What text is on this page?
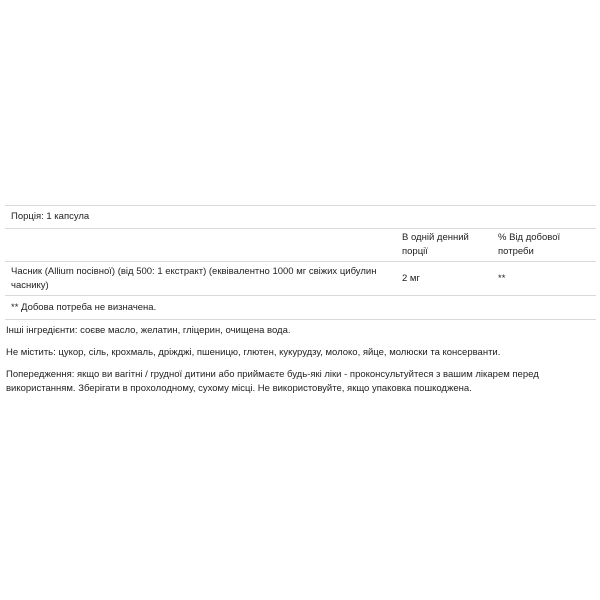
Порція: 1 капсула
В одній денний порції
% Від добової потреби
Часник (Allium посівної) (від 500: 1 екстракт) (еквівалентно 1000 мг свіжих цибулин часнику)
2 мг	**
** Добова потреба не визначена.
Інші інгредієнти: соєве масло, желатин, гліцерин, очищена вода.
Не містить: цукор, сіль, крохмаль, дріжджі, пшеницю, глютен, кукурудзу, молоко, яйце, молюски та консерванти.
Попередження: якщо ви вагітні / грудної дитини або приймаєте будь-які ліки - проконсультуйтеся з вашим лікарем перед використанням. Зберігати в прохолодному, сухому місці. Не використовуйте, якщо упаковка пошкоджена.
